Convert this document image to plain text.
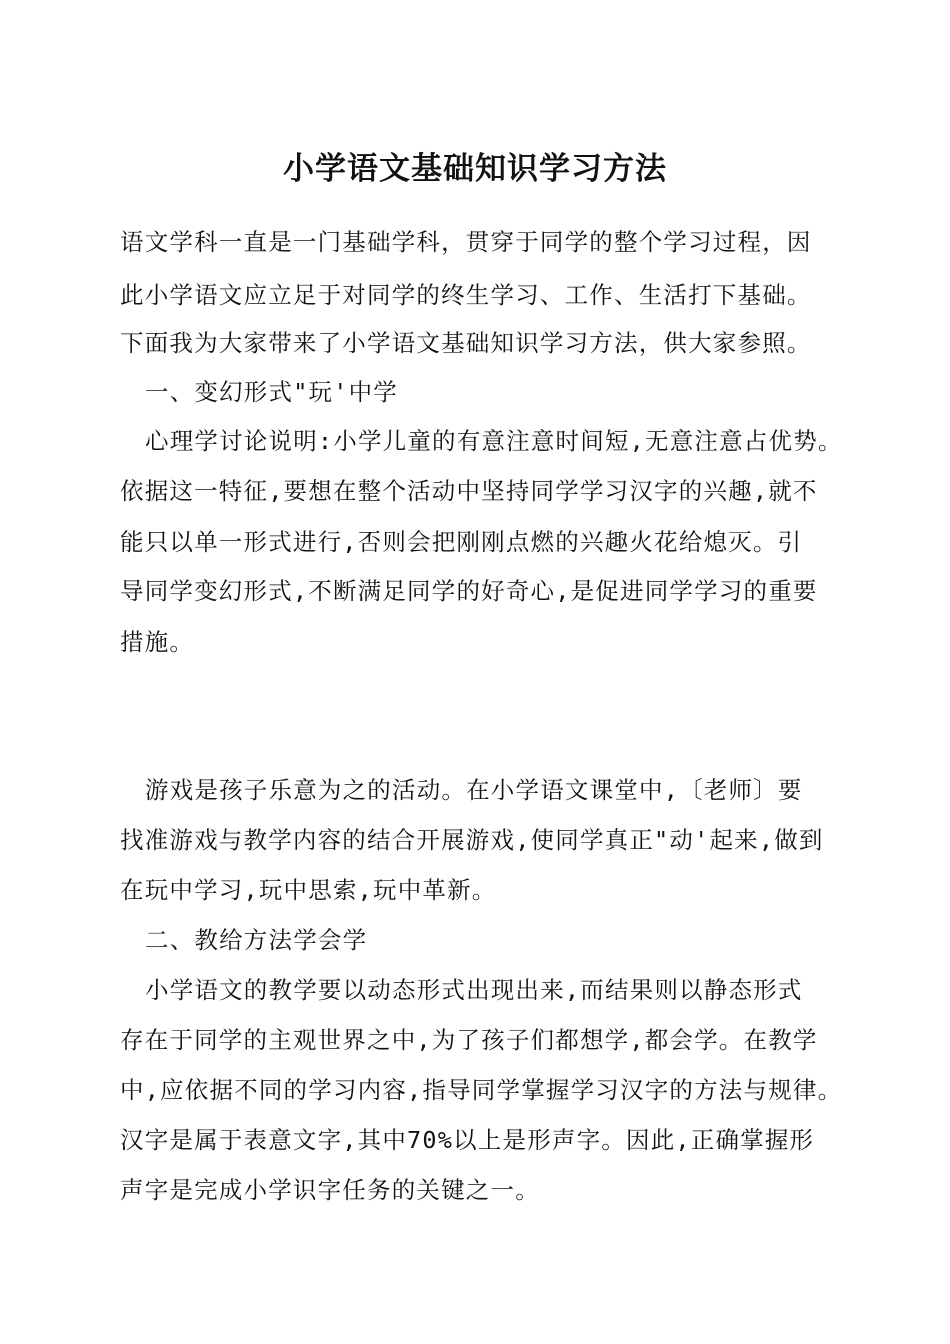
小学语文基础知识学习方法

语文学科一直是一门基础学科，贯穿于同学的整个学习过程，因

此小学语文应立足于对同学的终生学习、工作、生活打下基础。

下面我为大家带来了小学语文基础知识学习方法，供大家参照。

一、变幻形式"玩'中学

心理学讨论说明:小学儿童的有意注意时间短,无意注意占优势。

依据这一特征,要想在整个活动中坚持同学学习汉字的兴趣,就不

能只以单一形式进行,否则会把刚刚点燃的兴趣火花给熄灭。引

导同学变幻形式,不断满足同学的好奇心,是促进同学学习的重要

措施。

游戏是孩子乐意为之的活动。在小学语文课堂中,〔老师〕要

找准游戏与教学内容的结合开展游戏,使同学真正"动'起来,做到

在玩中学习,玩中思索,玩中革新。

二、教给方法学会学

小学语文的教学要以动态形式出现出来,而结果则以静态形式

存在于同学的主观世界之中,为了孩子们都想学,都会学。在教学

中,应依据不同的学习内容,指导同学掌握学习汉字的方法与规律。

汉字是属于表意文字,其中70%以上是形声字。因此,正确掌握形

声字是完成小学识字任务的关键之一。
